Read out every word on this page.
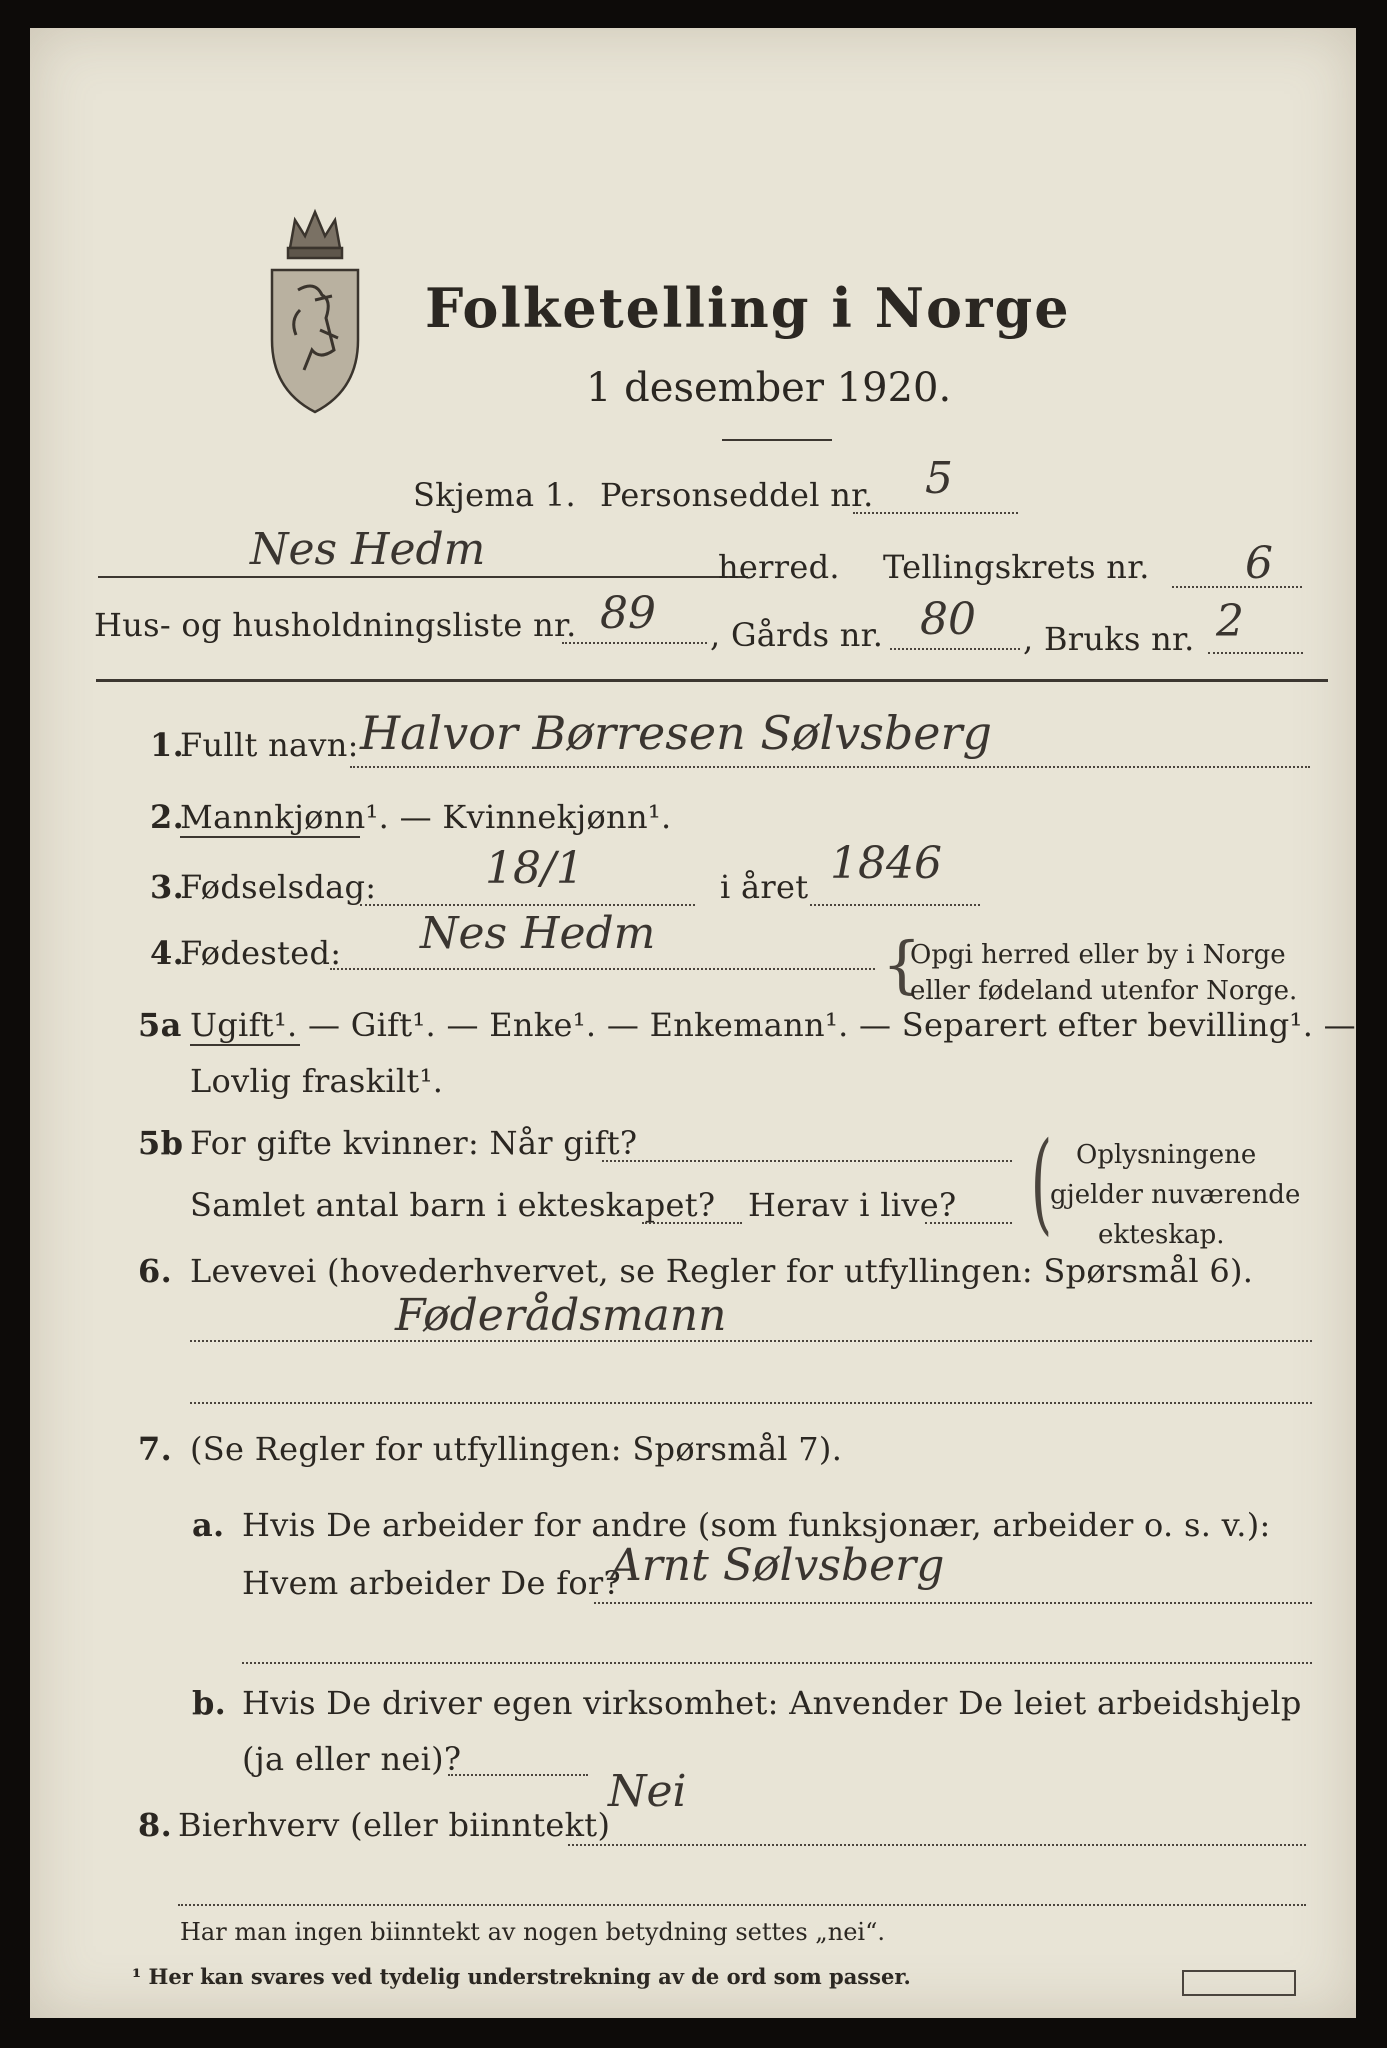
Folketelling i Norge
1 desember 1920.
Skjema 1. Personseddel nr. 5
Nes Hedm	herred. Tellingskrets nr. 6
Hus- og husholdningsliste nr. 89 , Gårds nr. 80 , Bruks nr. 2
1.
Fullt navn: Halvor Børresen Sølvsberg
2.
Mannkjønn¹. — Kvinnekjønn¹.
3.
Fødselsdag: 18/1	i året 1846
4.
Fødested: Nes Hedm	{
Opgi herred eller by i Norge
eller fødeland utenfor Norge.
5a Ugift¹. — Gift¹. — Enke¹. — Enkemann¹. — Separert efter bevilling¹. —
Lovlig fraskilt¹.
5b For gifte kvinner: Når gift?
Samlet antal barn i ekteskapet? Herav i live? ( Oplysningene
gjelder nuværende
ekteskap.
6. Levevei (hovederhvervet, se Regler for utfyllingen: Spørsmål 6).
Føderådsmann
7. (Se Regler for utfyllingen: Spørsmål 7).
a. Hvis De arbeider for andre (som funksjonær, arbeider o. s. v.):
Hvem arbeider De for?
Arnt Sølvsberg
b. Hvis De driver egen virksomhet: Anvender De leiet arbeidshjelp
(ja eller nei)?
8. Bierhverv (eller biinntekt)
Nei
Har man ingen biinntekt av nogen betydning settes „nei“.
¹ Her kan svares ved tydelig understrekning av de ord som passer.
